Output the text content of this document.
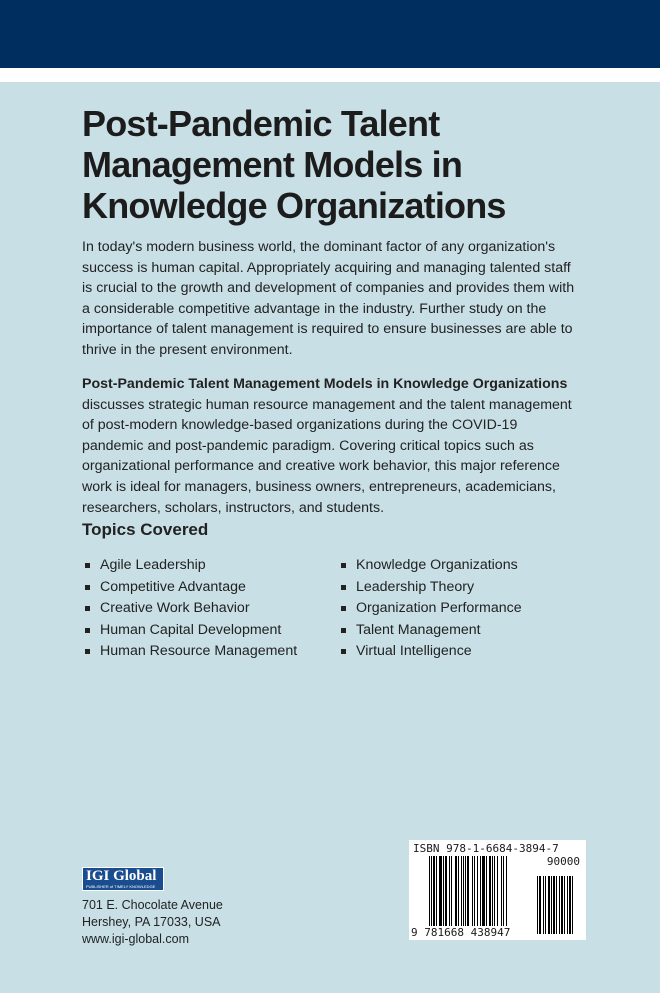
Post-Pandemic Talent Management Models in Knowledge Organizations

In today's modern business world, the dominant factor of any organization's success is human capital. Appropriately acquiring and managing talented staff is crucial to the growth and development of companies and provides them with a considerable competitive advantage in the industry. Further study on the importance of talent management is required to ensure businesses are able to thrive in the present environment.

Post-Pandemic Talent Management Models in Knowledge Organizations discusses strategic human resource management and the talent management of post-modern knowledge-based organizations during the COVID-19 pandemic and post-pandemic paradigm. Covering critical topics such as organizational performance and creative work behavior, this major reference work is ideal for managers, business owners, entrepreneurs, academicians, researchers, scholars, instructors, and students.

Topics Covered
Agile Leadership
Competitive Advantage
Creative Work Behavior
Human Capital Development
Human Resource Management
Knowledge Organizations
Leadership Theory
Organization Performance
Talent Management
Virtual Intelligence
IGI Global
PUBLISHER of TIMELY KNOWLEDGE
701 E. Chocolate Avenue
Hershey, PA 17033, USA
www.igi-global.com
ISBN 978-1-6684-3894-7
90000
9 781668 438947
